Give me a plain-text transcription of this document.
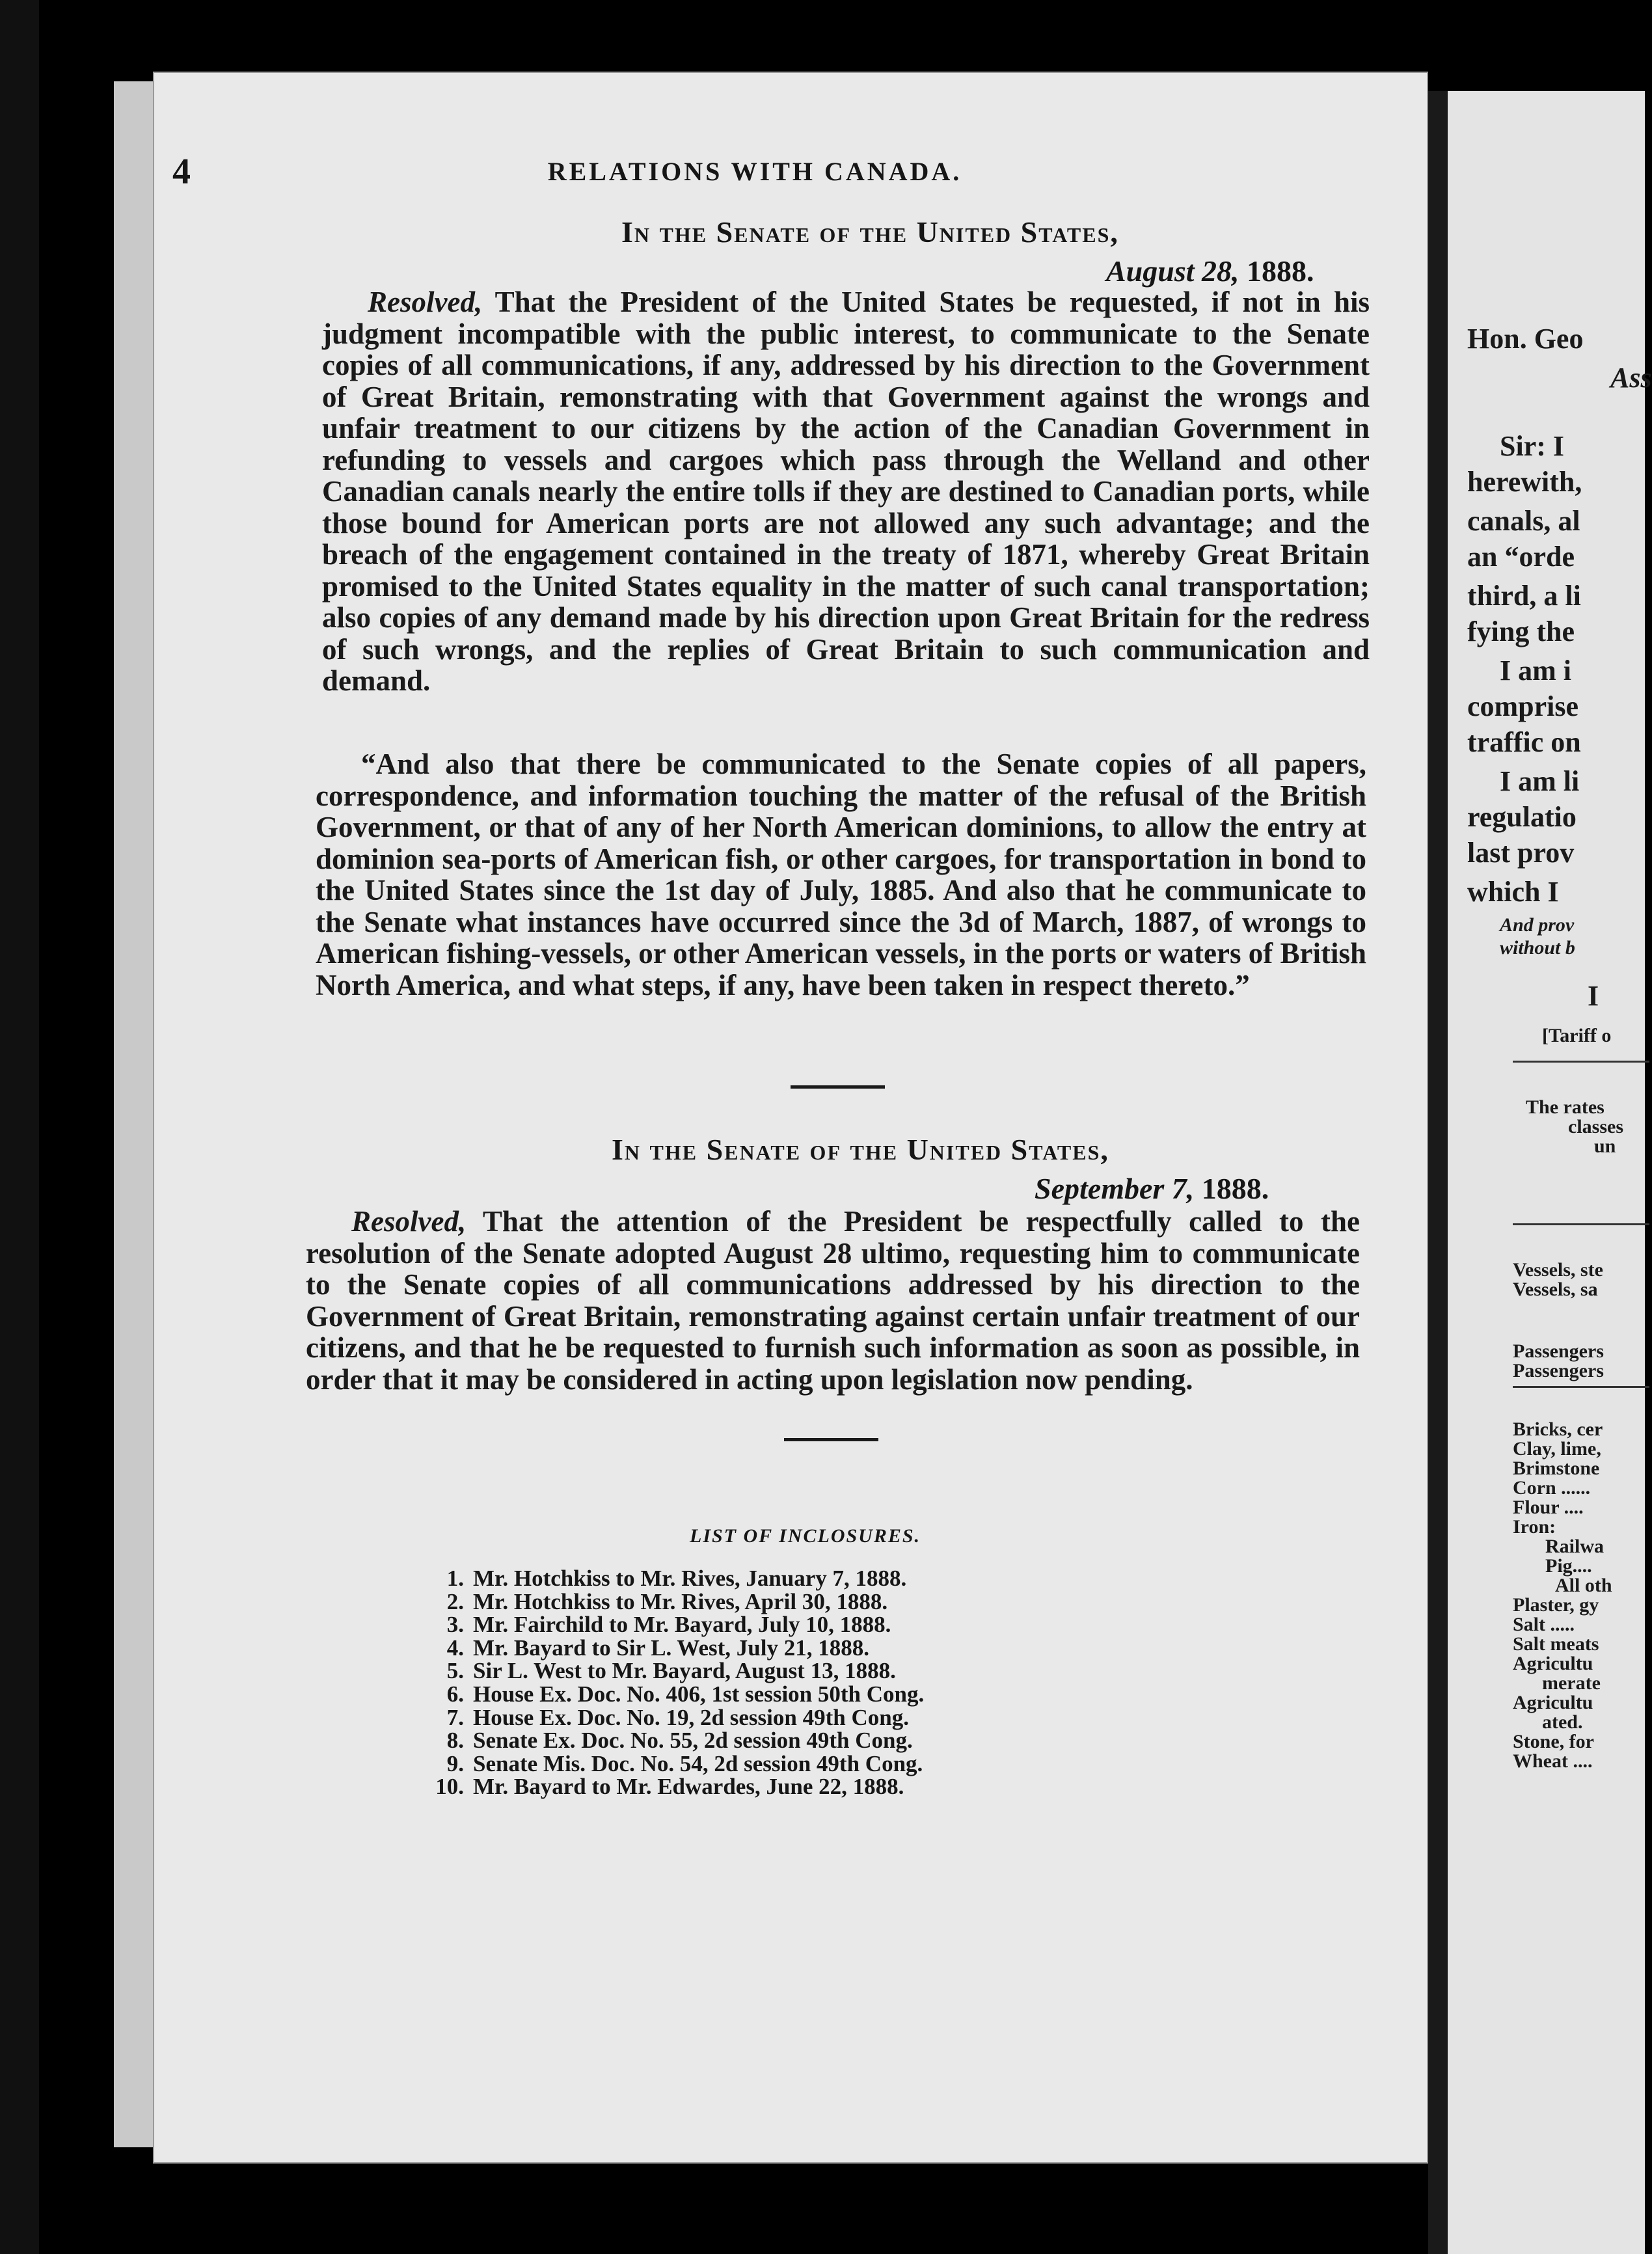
4	RELATIONS WITH CANADA.
In the Senate of the United States,
August 28, 1888.

Resolved, That the President of the United States be requested, if not in his judgment incompatible with the public interest, to communicate to the Senate copies of all communications, if any, addressed by his direction to the Government of Great Britain, remonstrating with that Government against the wrongs and unfair treatment to our citizens by the action of the Canadian Government in refunding to vessels and cargoes which pass through the Welland and other Canadian canals nearly the entire tolls if they are destined to Canadian ports, while those bound for American ports are not allowed any such advantage; and the breach of the engagement contained in the treaty of 1871, whereby Great Britain promised to the United States equality in the matter of such canal transportation; also copies of any demand made by his direction upon Great Britain for the redress of such wrongs, and the replies of Great Britain to such communication and demand.

“And also that there be communicated to the Senate copies of all papers, correspondence, and information touching the matter of the refusal of the British Government, or that of any of her North American dominions, to allow the entry at dominion sea-ports of American fish, or other cargoes, for transportation in bond to the United States since the 1st day of July, 1885. And also that he communicate to the Senate what instances have occurred since the 3d of March, 1887, of wrongs to American fishing-vessels, or other American vessels, in the ports or waters of British North America, and what steps, if any, have been taken in respect thereto.”

In the Senate of the United States,
September 7, 1888.

Resolved, That the attention of the President be respectfully called to the resolution of the Senate adopted August 28 ultimo, requesting him to communicate to the Senate copies of all communications addressed by his direction to the Government of Great Britain, remonstrating against certain unfair treatment of our citizens, and that he be requested to furnish such information as soon as possible, in order that it may be considered in acting upon legislation now pending.

LIST OF INCLOSURES.
1. Mr. Hotchkiss to Mr. Rives, January 7, 1888.
2. Mr. Hotchkiss to Mr. Rives, April 30, 1888.
3. Mr. Fairchild to Mr. Bayard, July 10, 1888.
4. Mr. Bayard to Sir L. West, July 21, 1888.
5. Sir L. West to Mr. Bayard, August 13, 1888.
6. House Ex. Doc. No. 406, 1st session 50th Cong.
7. House Ex. Doc. No. 19, 2d session 49th Cong.
8. Senate Ex. Doc. No. 55, 2d session 49th Cong.
9. Senate Mis. Doc. No. 54, 2d session 49th Cong.
10. Mr. Bayard to Mr. Edwardes, June 22, 1888.
Hon. Geo
Ass
Sir: I
herewith,
canals, al
an “orde
third, a li
fying the
I am i
comprise
traffic on
I am li
regulatio
last prov
which I
And prov
without b
I
[Tariff o
The rates
classes
un
Vessels, ste
Vessels, sa
Passengers
Passengers
Bricks, cer
Clay, lime,
Brimstone
Corn ......
Flour ....
Iron:
Railwa
Pig....
All oth
Plaster, gy
Salt .....
Salt meats
Agricultu
merate
Agricultu
ated.
Stone, for
Wheat ....
